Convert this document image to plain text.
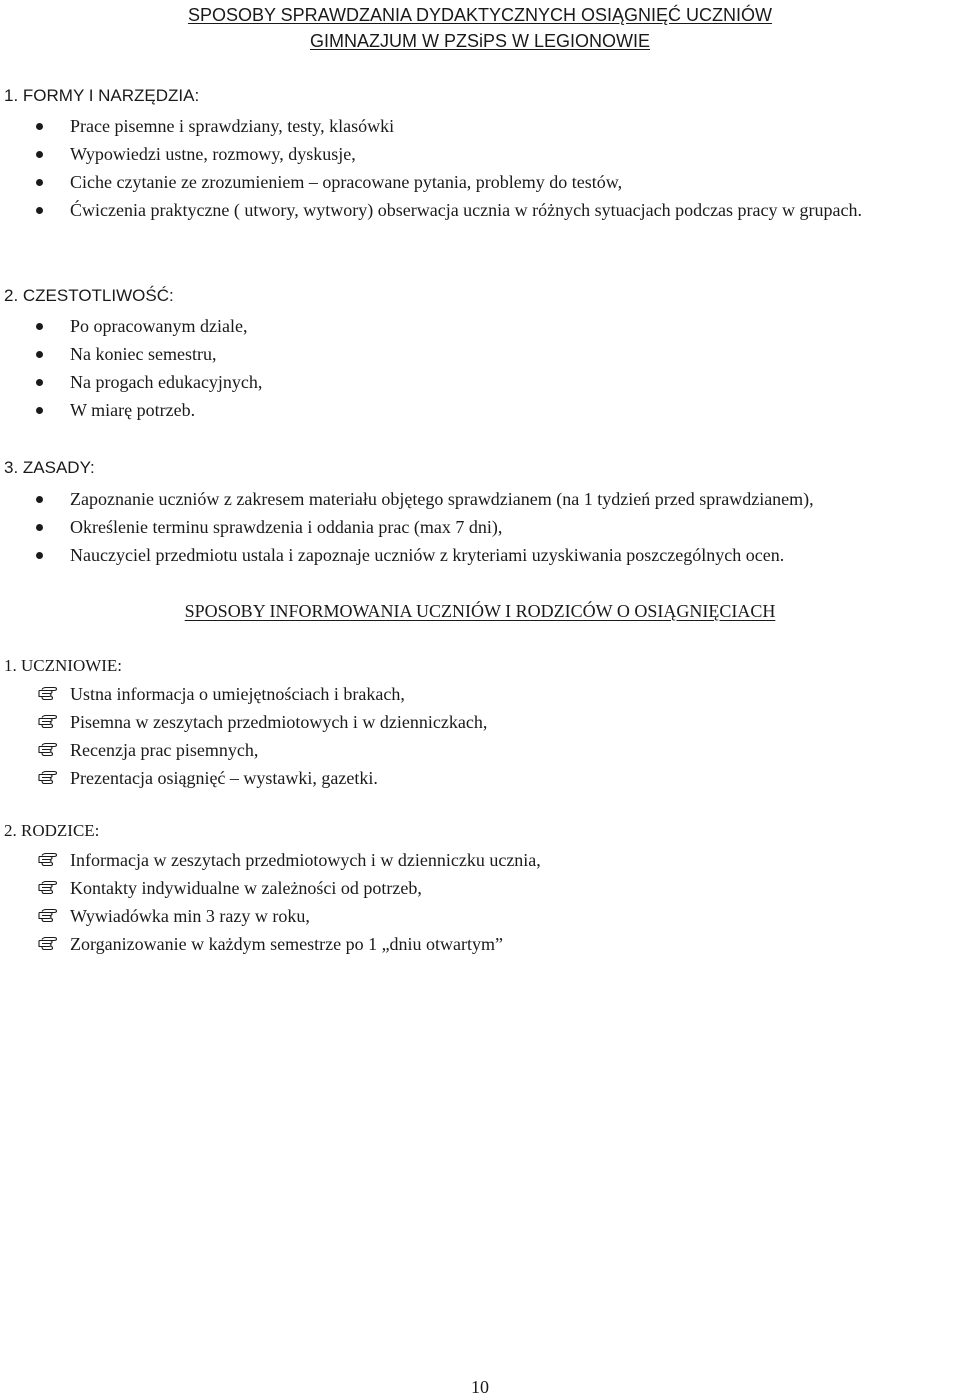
SPOSOBY SPRAWDZANIA DYDAKTYCZNYCH OSIĄGNIĘĆ UCZNIÓW
GIMNAZJUM W PZSiPS W LEGIONOWIE
1. FORMY I NARZĘDZIA:
Prace pisemne i sprawdziany, testy, klasówki
Wypowiedzi ustne, rozmowy, dyskusje,
Ciche czytanie ze zrozumieniem – opracowane pytania, problemy do testów,
Ćwiczenia praktyczne ( utwory, wytwory) obserwacja ucznia w różnych sytuacjach podczas pracy w grupach.
2. CZESTOTLIWOŚĆ:
Po opracowanym dziale,
Na koniec semestru,
Na progach edukacyjnych,
W miarę potrzeb.
3. ZASADY:
Zapoznanie uczniów z zakresem materiału objętego sprawdzianem (na 1 tydzień przed sprawdzianem),
Określenie terminu sprawdzenia i oddania prac (max 7 dni),
Nauczyciel przedmiotu ustala i zapoznaje uczniów z kryteriami uzyskiwania poszczególnych ocen.
SPOSOBY INFORMOWANIA UCZNIÓW I RODZICÓW O OSIĄGNIĘCIACH
1. UCZNIOWIE:
Ustna informacja o umiejętnościach i brakach,
Pisemna w zeszytach przedmiotowych i w dzienniczkach,
Recenzja prac pisemnych,
Prezentacja osiągnięć – wystawki, gazetki.
2. RODZICE:
Informacja w zeszytach przedmiotowych i w dzienniczku ucznia,
Kontakty indywidualne w zależności od potrzeb,
Wywiadówka min 3 razy w roku,
Zorganizowanie w każdym semestrze po 1 „dniu otwartym”
10
